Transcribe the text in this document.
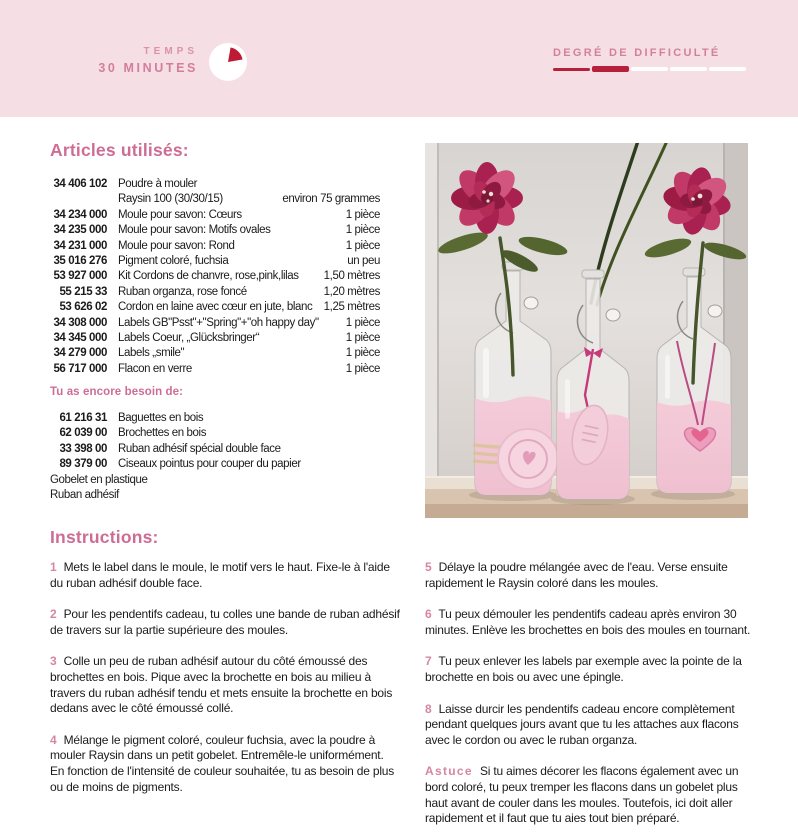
TEMPS
30 MINUTES
DEGRÉ DE DIFFICULTÉ
Articles utilisés:
34 406 102 Poudre à mouler
Raysin 100 (30/30/15)	environ 75 grammes
34 234 000 Moule pour savon: Cœurs	1 pièce
34 235 000 Moule pour savon: Motifs ovales	1 pièce
34 231 000 Moule pour savon: Rond	1 pièce
35 016 276 Pigment coloré, fuchsia	un peu
53 927 000 Kit Cordons de chanvre, rose,pink,lilas	1,50 mètres
55 215 33 Ruban organza, rose foncé	1,20 mètres
53 626 02 Cordon en laine avec cœur en jute, blanc 1,25 mètres
34 308 000 Labels GB"Psst"+"Spring"+"oh happy day"	1 pièce
34 345 000 Labels Coeur, „Glücksbringer“	1 pièce
34 279 000 Labels „smile"	1 pièce
56 717 000 Flacon en verre	1 pièce
Tu as encore besoin de:
61 216 31 Baguettes en bois
62 039 00 Brochettes en bois
33 398 00 Ruban adhésif spécial double face
89 379 00 Ciseaux pointus pour couper du papier
Gobelet en plastique
Ruban adhésif
Instructions:

1 Mets le label dans le moule, le motif vers le haut. Fixe-le à l'aide du ruban adhésif double face.

2 Pour les pendentifs cadeau, tu colles une bande de ruban adhésif de travers sur la partie supérieure des moules.

3 Colle un peu de ruban adhésif autour du côté émoussé des brochettes en bois. Pique avec la brochette en bois au milieu à travers du ruban adhésif tendu et mets ensuite la brochette en bois dedans avec le côté émoussé collé.

4 Mélange le pigment coloré, couleur fuchsia, avec la poudre à mouler Raysin dans un petit gobelet. Entremêle-le uniformément. En fonction de l'intensité de couleur souhaitée, tu as besoin de plus ou de moins de pigments.

5 Délaye la poudre mélangée avec de l'eau. Verse ensuite rapidement le Raysin coloré dans les moules.

6 Tu peux démouler les pendentifs cadeau après environ 30 minutes. Enlève les brochettes en bois des moules en tournant.

7 Tu peux enlever les labels par exemple avec la pointe de la brochette en bois ou avec une épingle.

8 Laisse durcir les pendentifs cadeau encore complètement pendant quelques jours avant que tu les attaches aux flacons avec le cordon ou avec le ruban organza.

Astuce Si tu aimes décorer les flacons également avec un bord coloré, tu peux tremper les flacons dans un gobelet plus haut avant de couler dans les moules. Toutefois, ici doit aller rapidement et il faut que tu aies tout bien préparé.
